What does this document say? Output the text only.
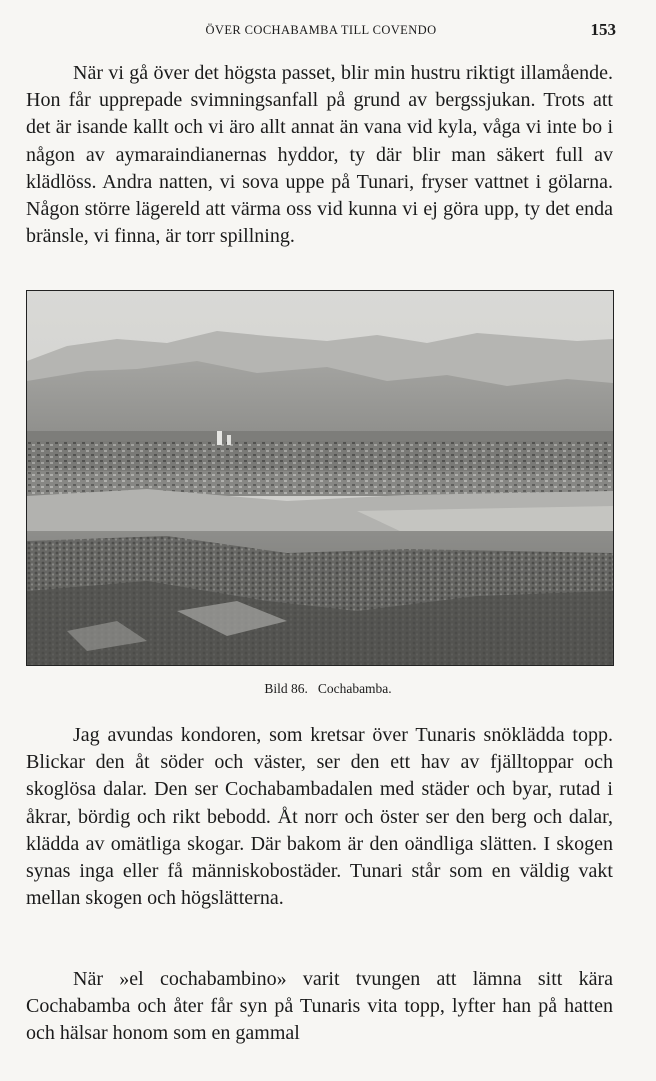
ÖVER COCHABAMBA TILL COVENDO	153

När vi gå över det högsta passet, blir min hustru riktigt illamående. Hon får upprepade svimningsanfall på grund av bergssjukan. Trots att det är isande kallt och vi äro allt annat än vana vid kyla, våga vi inte bo i någon av aymaraindianernas hyddor, ty där blir man säkert full av klädlöss. Andra natten, vi sova uppe på Tunari, fryser vattnet i gölarna. Någon större lägereld att värma oss vid kunna vi ej göra upp, ty det enda bränsle, vi finna, är torr spillning.

Bild 86. Cochabamba.

Jag avundas kondoren, som kretsar över Tunaris snöklädda topp. Blickar den åt söder och väster, ser den ett hav av fjälltoppar och skoglösa dalar. Den ser Cochabambadalen med städer och byar, rutad i åkrar, bördig och rikt bebodd. Åt norr och öster ser den berg och dalar, klädda av omätliga skogar. Där bakom är den oändliga slätten. I skogen synas inga eller få människobostäder. Tunari står som en väldig vakt mellan skogen och högslätterna.

När »el cochabambino» varit tvungen att lämna sitt kära Cochabamba och åter får syn på Tunaris vita topp, lyfter han på hatten och hälsar honom som en gammal
